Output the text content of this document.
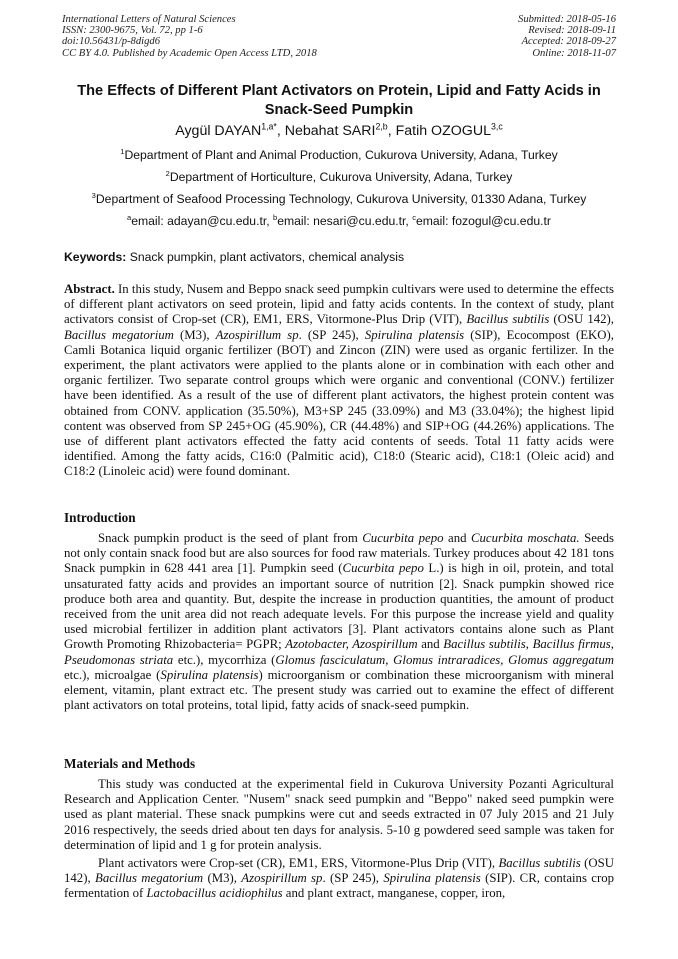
International Letters of Natural Sciences
ISSN: 2300-9675, Vol. 72, pp 1-6
doi:10.56431/p-8digd6
CC BY 4.0. Published by Academic Open Access LTD, 2018
Submitted: 2018-05-16
Revised: 2018-09-11
Accepted: 2018-09-27
Online: 2018-11-07
The Effects of Different Plant Activators on Protein, Lipid and Fatty Acids in Snack-Seed Pumpkin
Aygül $DAYAN^{1,a*}$, Nebahat SARI$^{2,b}$, Fatih OZOGUL$^{3,c}$
$^1$Department of Plant and Animal Production, Cukurova University, Adana, Turkey
$^2$Department of Horticulture, Cukurova University, Adana, Turkey
$^3$Department of Seafood Processing Technology, Cukurova University, 01330 Adana, Turkey
$^a$email: adayan@cu.edu.tr, $^b$email: nesari@cu.edu.tr, $^c$email: fozogul@cu.edu.tr
Keywords: Snack pumpkin, plant activators, chemical analysis
Abstract. In this study, Nusem and Beppo snack seed pumpkin cultivars were used to determine the effects of different plant activators on seed protein, lipid and fatty acids contents. In the context of study, plant activators consist of Crop-set (CR), EM1, ERS, Vitormone-Plus Drip (VIT), Bacillus subtilis (OSU 142), Bacillus megatorium (M3), Azospirillum sp. (SP 245), Spirulina platensis (SIP), Ecocompost (EKO), Camli Botanica liquid organic fertilizer (BOT) and Zincon (ZIN) were used as organic fertilizer. In the experiment, the plant activators were applied to the plants alone or in combination with each other and organic fertilizer. Two separate control groups which were organic and conventional (CONV.) fertilizer have been identified. As a result of the use of different plant activators, the highest protein content was obtained from CONV. application (35.50%), M3+SP 245 (33.09%) and M3 (33.04%); the highest lipid content was observed from SP 245+OG (45.90%), CR (44.48%) and SIP+OG (44.26%) applications. The use of different plant activators effected the fatty acid contents of seeds. Total 11 fatty acids were identified. Among the fatty acids, C16:0 (Palmitic acid), C18:0 (Stearic acid), C18:1 (Oleic acid) and C18:2 (Linoleic acid) were found dominant.
Introduction
Snack pumpkin product is the seed of plant from Cucurbita pepo and Cucurbita moschata. Seeds not only contain snack food but are also sources for food raw materials. Turkey produces about 42 181 tons Snack pumpkin in 628 441 area [1]. Pumpkin seed (Cucurbita pepo L.) is high in oil, protein, and total unsaturated fatty acids and provides an important source of nutrition [2]. Snack pumpkin showed rice produce both area and quantity. But, despite the increase in production quantities, the amount of product received from the unit area did not reach adequate levels. For this purpose the increase yield and quality used microbial fertilizer in addition plant activators [3]. Plant activators contains alone such as Plant Growth Promoting Rhizobacteria= PGPR; Azotobacter, Azospirillum and Bacillus subtilis, Bacillus firmus, Pseudomonas striata etc.), mycorrhiza (Glomus fasciculatum, Glomus intraradices, Glomus aggregatum etc.), microalgae (Spirulina platensis) microorganism or combination these microorganism with mineral element, vitamin, plant extract etc. The present study was carried out to examine the effect of different plant activators on total proteins, total lipid, fatty acids of snack-seed pumpkin.
Materials and Methods
This study was conducted at the experimental field in Cukurova University Pozanti Agricultural Research and Application Center. "Nusem" snack seed pumpkin and "Beppo" naked seed pumpkin were used as plant material. These snack pumpkins were cut and seeds extracted in 07 July 2015 and 21 July 2016 respectively, the seeds dried about ten days for analysis. 5-10 g powdered seed sample was taken for determination of lipid and 1 g for protein analysis.
Plant activators were Crop-set (CR), EM1, ERS, Vitormone-Plus Drip (VIT), Bacillus subtilis (OSU 142), Bacillus megatorium (M3), Azospirillum sp. (SP 245), Spirulina platensis (SIP). CR, contains crop fermentation of Lactobacillus acidiophilus and plant extract, manganese, copper, iron,
